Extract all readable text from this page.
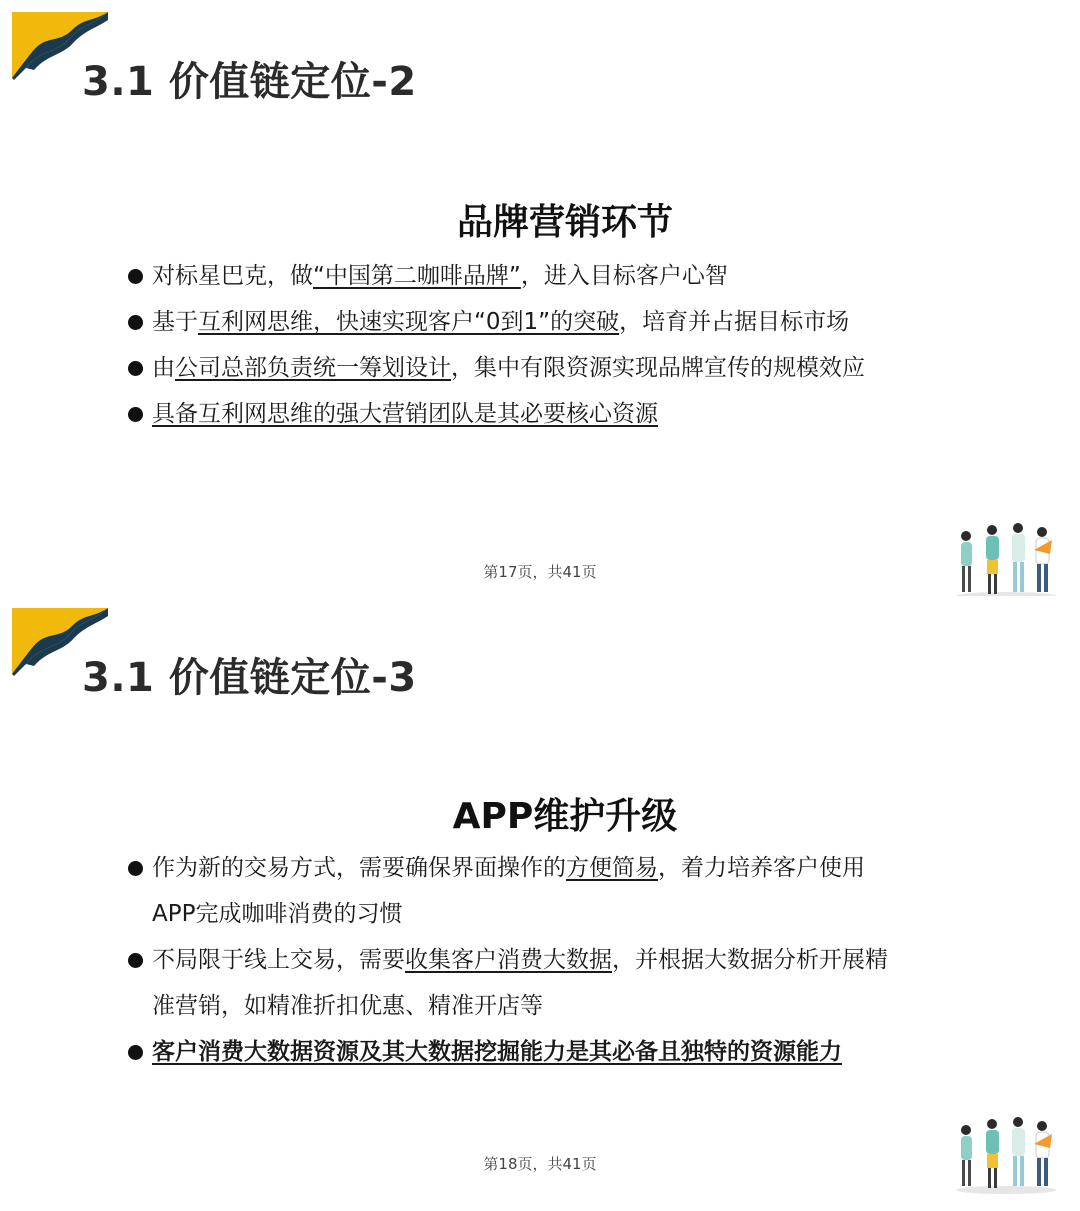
3.1 价值链定位-2
品牌营销环节
对标星巴克，做“中国第二咖啡品牌”，进入目标客户心智
基于互利网思维，快速实现客户“0到1”的突破，培育并占据目标市场
由公司总部负责统一筹划设计，集中有限资源实现品牌宣传的规模效应
具备互利网思维的强大营销团队是其必要核心资源
第17页，共41页
3.1 价值链定位-3
APP维护升级
作为新的交易方式，需要确保界面操作的方便简易，着力培养客户使用
APP完成咖啡消费的习惯
不局限于线上交易，需要收集客户消费大数据，并根据大数据分析开展精
准营销，如精准折扣优惠、精准开店等
客户消费大数据资源及其大数据挖掘能力是其必备且独特的资源能力
第18页，共41页
